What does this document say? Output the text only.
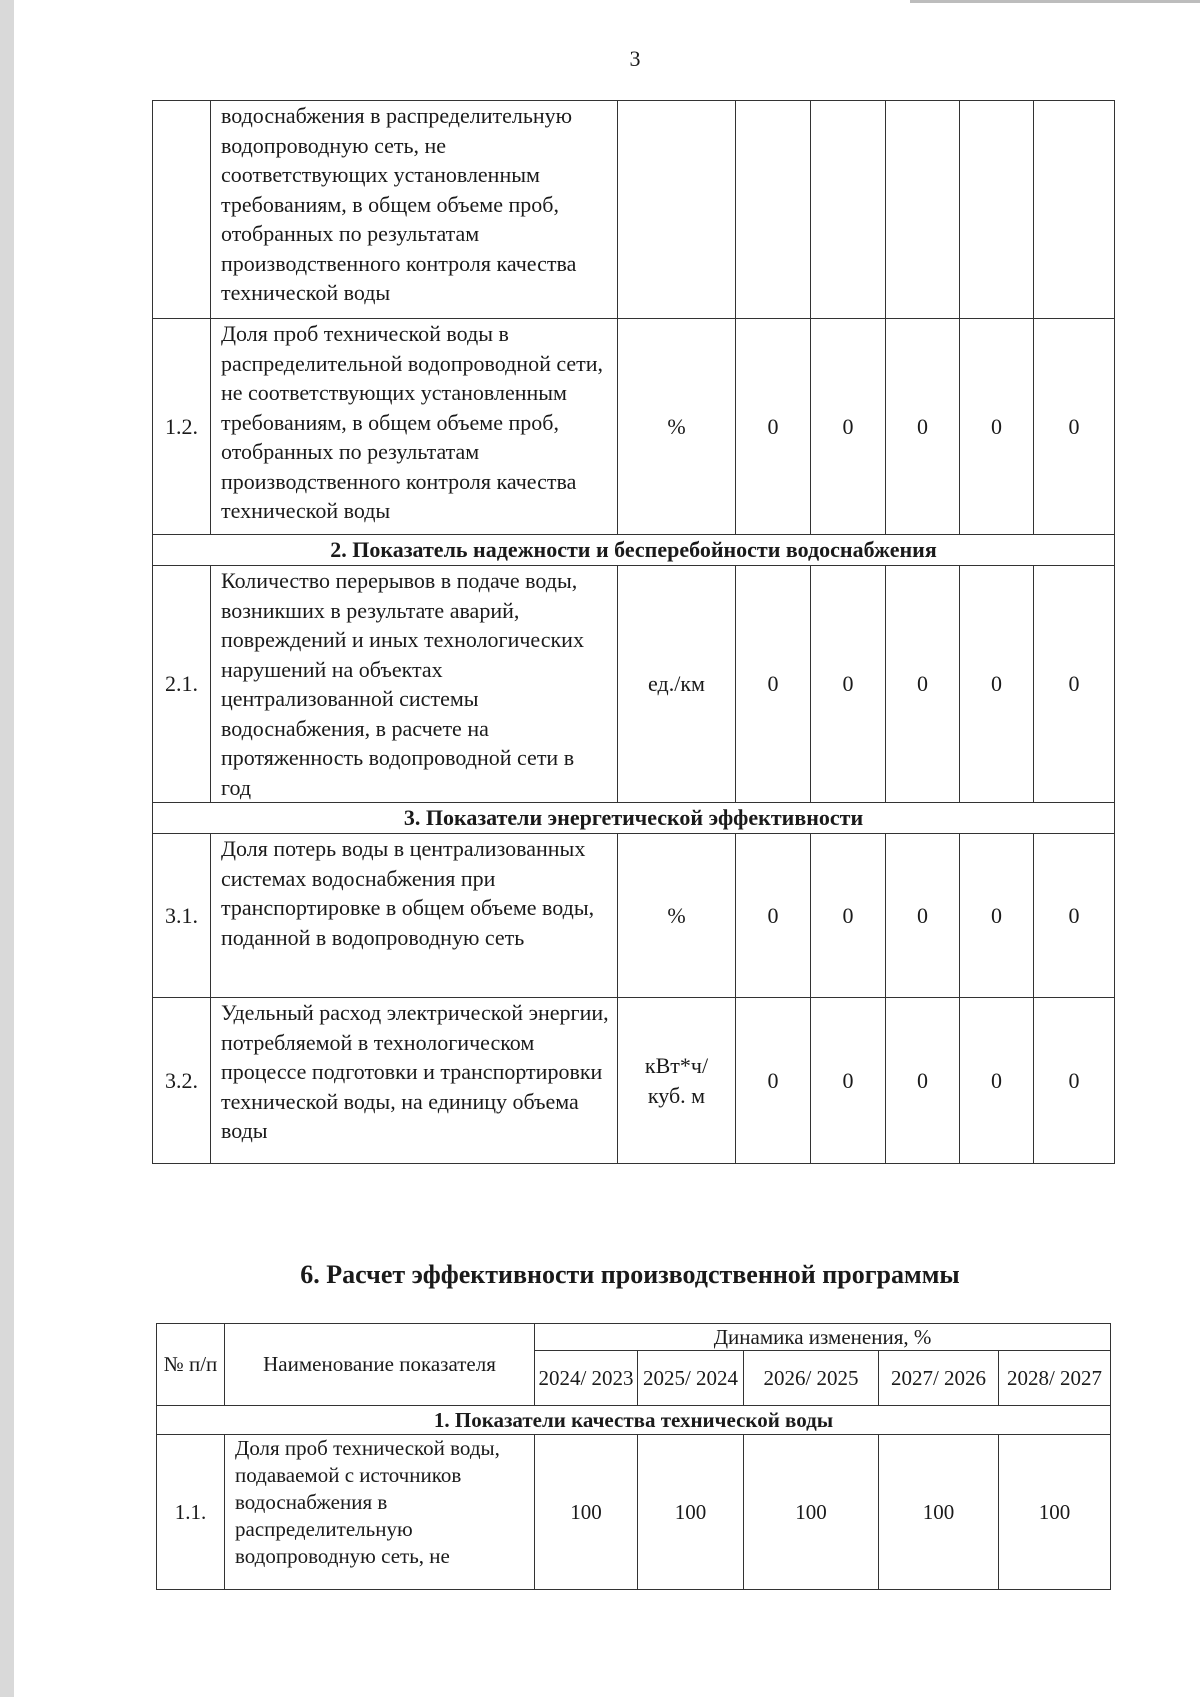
3
	водоснабжения в распределительную водопроводную сеть, не соответствующих установленным требованиям, в общем объеме проб, отобранных по результатам производственного контроля качества технической воды						
1.2.	Доля проб технической воды в распределительной водопроводной сети, не соответствующих установленным требованиям, в общем объеме проб, отобранных по результатам производственного контроля качества технической воды	%	0	0	0	0	0
2. Показатель надежности и бесперебойности водоснабжения							
2.1.	Количество перерывов в подаче воды, возникших в результате аварий, повреждений и иных технологических нарушений на объектах централизованной системы водоснабжения, в расчете на протяженность водопроводной сети в год	ед./км	0	0	0	0	0
3. Показатели энергетической эффективности							
3.1.	Доля потерь воды в централизованных системах водоснабжения при транспортировке в общем объеме воды, поданной в водопроводную сеть	%	0	0	0	0	0
3.2.	Удельный расход электрической энергии, потребляемой в технологическом процессе подготовки и транспортировки технической воды, на единицу объема воды	кВт*ч/ куб. м	0	0	0	0	0
6. Расчет эффективности производственной программы
№ п/п	Наименование показателя	Динамика изменения, %				
		2024/ 2023	2025/ 2024	2026/ 2025	2027/ 2026	2028/ 2027
1. Показатели качества технической воды						
1.1.	Доля проб технической воды, подаваемой с источников водоснабжения в распределительную водопроводную сеть, не	100	100	100	100	100
